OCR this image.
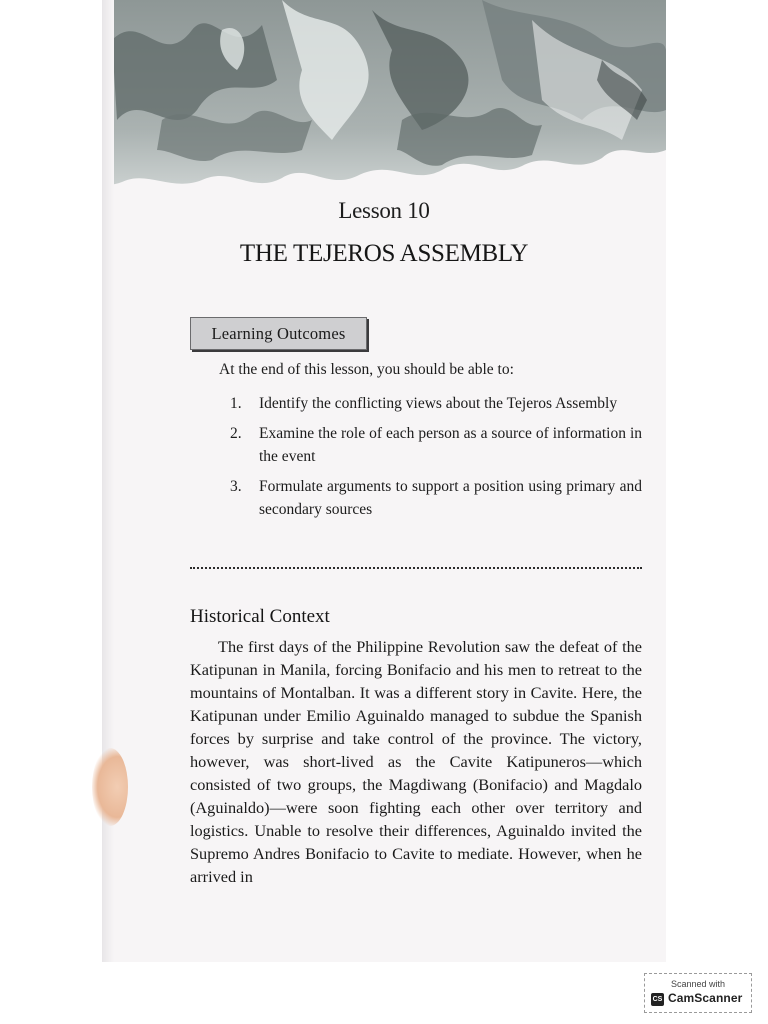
Lesson 10
THE TEJEROS ASSEMBLY
Learning Outcomes
At the end of this lesson, you should be able to:
1.	Identify the conflicting views about the Tejeros Assembly
2.	Examine the role of each person as a source of information in the event
3.	Formulate arguments to support a position using primary and secondary sources
Historical Context
The first days of the Philippine Revolution saw the defeat of the Katipunan in Manila, forcing Bonifacio and his men to retreat to the mountains of Montalban. It was a different story in Cavite. Here, the Katipunan under Emilio Aguinaldo managed to subdue the Spanish forces by surprise and take control of the province. The victory, however, was short-lived as the Cavite Katipuneros—which consisted of two groups, the Magdiwang (Bonifacio) and Magdalo (Aguinaldo)—were soon fighting each other over territory and logistics. Unable to resolve their differences, Aguinaldo invited the Supremo Andres Bonifacio to Cavite to mediate. However, when he arrived in
Scanned with
CS CamScanner
